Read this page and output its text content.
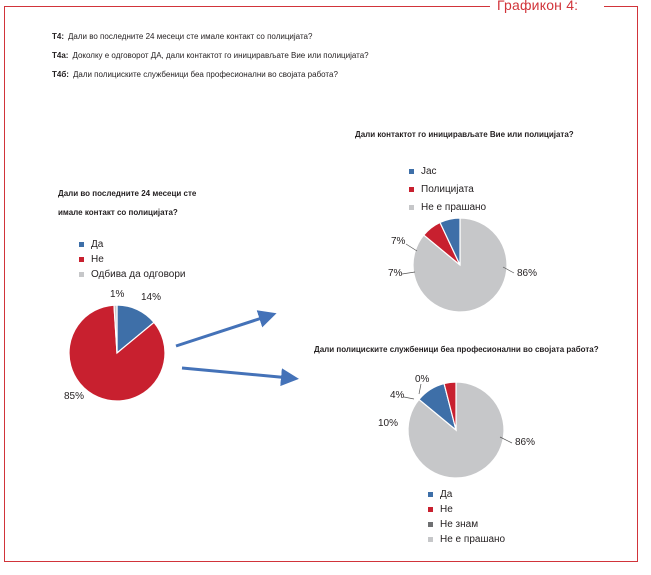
Графикон 4:
Т4: Дали во последните 24 месеци сте имале контакт со полицијата?
Т4а: Доколку е одговорот ДА, дали контактот го иницирављате Вие или полицијата?
Т4б: Дали полициските службеници беа професионални во својата работа?
Дали во последните 24 месеци сте
имале контакт со полицијата?
Да
Не
Одбива да одговори
1% 14%
85%
Дали контактот го иницирављате Вие или полицијата?
Јас
Полицијата
Не е прашано
7%
7%	86%
Дали полициските службеници беа професионални во својата работа?
0%
4%
10%
86%
Да
Не
Не знам
Не е прашано
